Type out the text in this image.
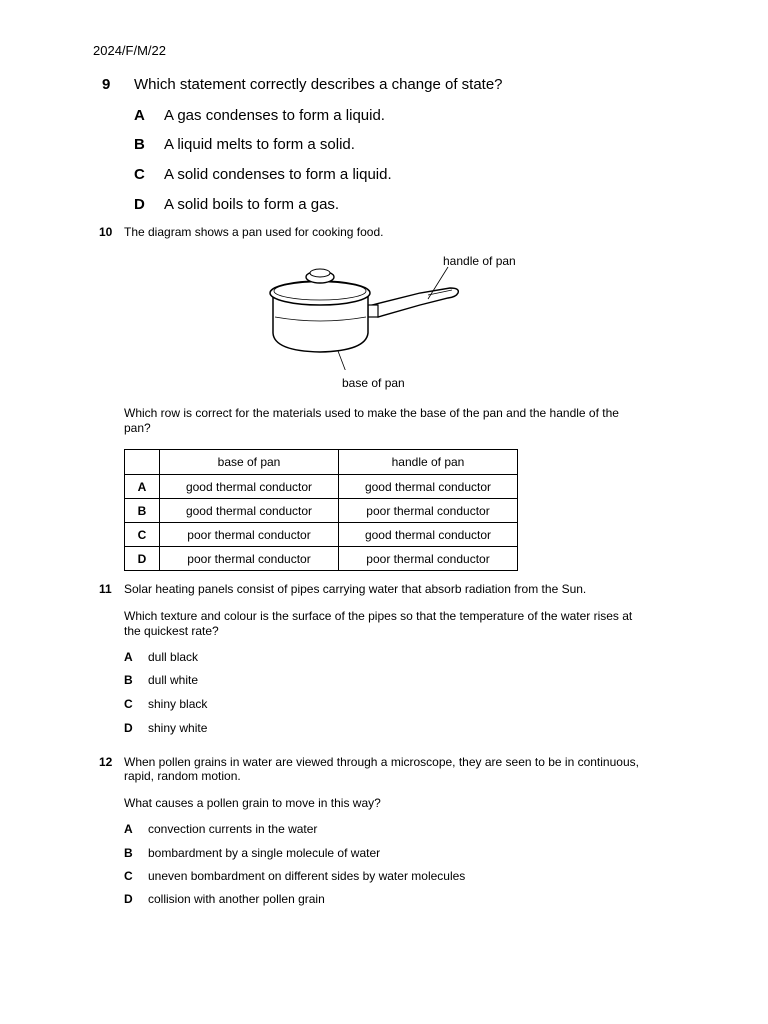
2024/F/M/22
9 Which statement correctly describes a change of state?
A A gas condenses to form a liquid.
B A liquid melts to form a solid.
C A solid condenses to form a liquid.
D A solid boils to form a gas.
10 The diagram shows a pan used for cooking food.
handle of pan
base of pan
Which row is correct for the materials used to make the base of the pan and the handle of the
pan?
	base of pan	handle of pan
A	good thermal conductor	good thermal conductor
B	good thermal conductor	poor thermal conductor
C	poor thermal conductor	good thermal conductor
D	poor thermal conductor	poor thermal conductor
11 Solar heating panels consist of pipes carrying water that absorb radiation from the Sun.
Which texture and colour is the surface of the pipes so that the temperature of the water rises at
the quickest rate?
A dull black
B dull white
C shiny black
D shiny white
12 When pollen grains in water are viewed through a microscope, they are seen to be in continuous,
rapid, random motion.
What causes a pollen grain to move in this way?
A convection currents in the water
B bombardment by a single molecule of water
C uneven bombardment on different sides by water molecules
D collision with another pollen grain
